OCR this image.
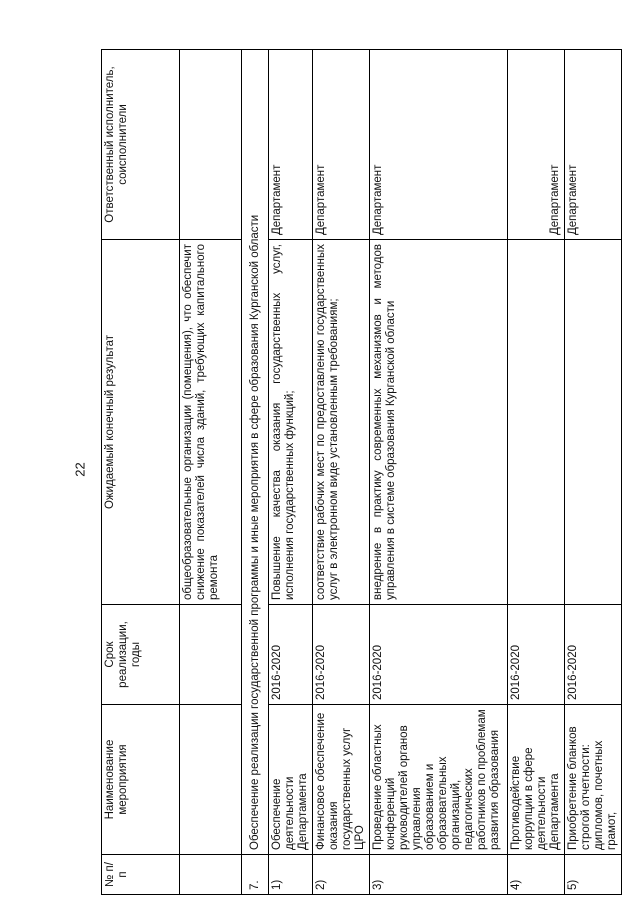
22
№ п/п	Наименование мероприятия	Срок реализации, годы	Ожидаемый конечный результат	Ответственный исполнитель, соисполнители
			общеобразовательные организации (помещения), что обеспечит снижение показателей числа зданий, требующих капитального ремонта	
7.	Обеспечение реализации государственной программы и иные мероприятия в сфере образования Курганской области			
1)	Обеспечение деятельности Департамента	2016-2020	Повышение качества оказания государственных услуг, исполнения государственных функций;	Департамент
2)	Финансовое обеспечение оказания государственных услуг ЦРО	2016-2020	соответствие рабочих мест по предоставлению государственных услуг в электронном виде установленным требованиям;	Департамент
3)	Проведение областных конференций руководителей органов управления образованием и образовательных организаций, педагогических работников по проблемам развития образования	2016-2020	внедрение в практику современных механизмов и методов управления в системе образования Курганской области	Департамент
4)	Противодействие коррупции в сфере деятельности Департамента	2016-2020		Департамент
5)	Приобретение бланков строгой отчетности: дипломов, почетных грамот,	2016-2020		Департамент
